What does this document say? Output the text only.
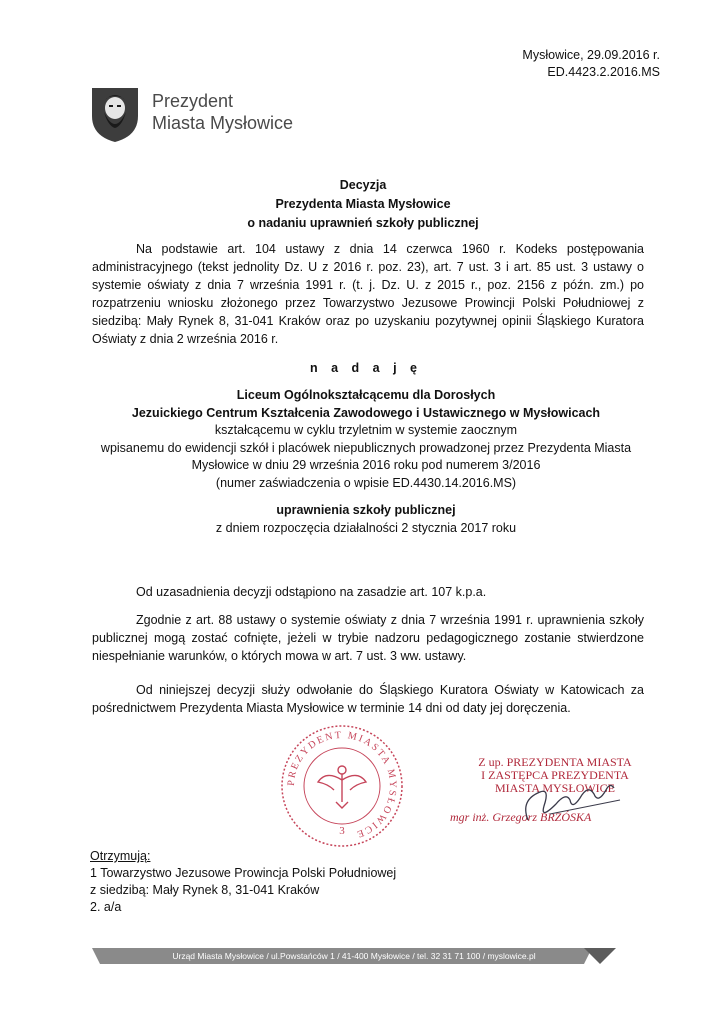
Mysłowice, 29.09.2016 r.
ED.4423.2.2016.MS
Prezydent
Miasta Mysłowice
Decyzja
Prezydenta Miasta Mysłowice
o nadaniu uprawnień szkoły publicznej
Na podstawie art. 104 ustawy z dnia 14 czerwca 1960 r. Kodeks postępowania administracyjnego (tekst jednolity Dz. U z 2016 r. poz. 23), art. 7 ust. 3 i art. 85 ust. 3 ustawy o systemie oświaty z dnia 7 września 1991 r. (t. j. Dz. U. z 2015 r., poz. 2156 z późn. zm.) po rozpatrzeniu wniosku złożonego przez Towarzystwo Jezusowe Prowincji Polski Południowej z siedzibą: Mały Rynek 8, 31-041 Kraków oraz po uzyskaniu pozytywnej opinii Śląskiego Kuratora Oświaty z dnia 2 września 2016 r.
n a d a j ę
Liceum Ogólnokształcącemu dla Dorosłych
Jezuickiego Centrum Kształcenia Zawodowego i Ustawicznego w Mysłowicach
kształcącemu w cyklu trzyletnim w systemie zaocznym
wpisanemu do ewidencji szkół i placówek niepublicznych prowadzonej przez Prezydenta Miasta
Mysłowice w dniu 29 września 2016 roku pod numerem 3/2016
(numer zaświadczenia o wpisie ED.4430.14.2016.MS)
uprawnienia szkoły publicznej
z dniem rozpoczęcia działalności 2 stycznia 2017 roku
Od uzasadnienia decyzji odstąpiono na zasadzie art. 107 k.p.a.
Zgodnie z art. 88 ustawy o systemie oświaty z dnia 7 września 1991 r. uprawnienia szkoły publicznej mogą zostać cofnięte, jeżeli w trybie nadzoru pedagogicznego zostanie stwierdzone niespełnianie warunków, o których mowa w art. 7 ust. 3 ww. ustawy.
Od niniejszej decyzji służy odwołanie do Śląskiego Kuratora Oświaty w Katowicach za pośrednictwem Prezydenta Miasta Mysłowice w terminie 14 dni od daty jej doręczenia.
PREZYDENT MIASTA MYSŁOWICE
3
Z up. PREZYDENTA MIASTA
I ZASTĘPCA PREZYDENTA
MIASTA MYSŁOWICE
mgr inż. Grzegorz BRZÓSKA
Otrzymują:
1 Towarzystwo Jezusowe Prowincja Polski Południowej
z siedzibą: Mały Rynek 8, 31-041 Kraków
2. a/a
Urząd Miasta Mysłowice / ul.Powstańców 1 / 41-400 Mysłowice / tel. 32 31 71 100 / myslowice.pl
